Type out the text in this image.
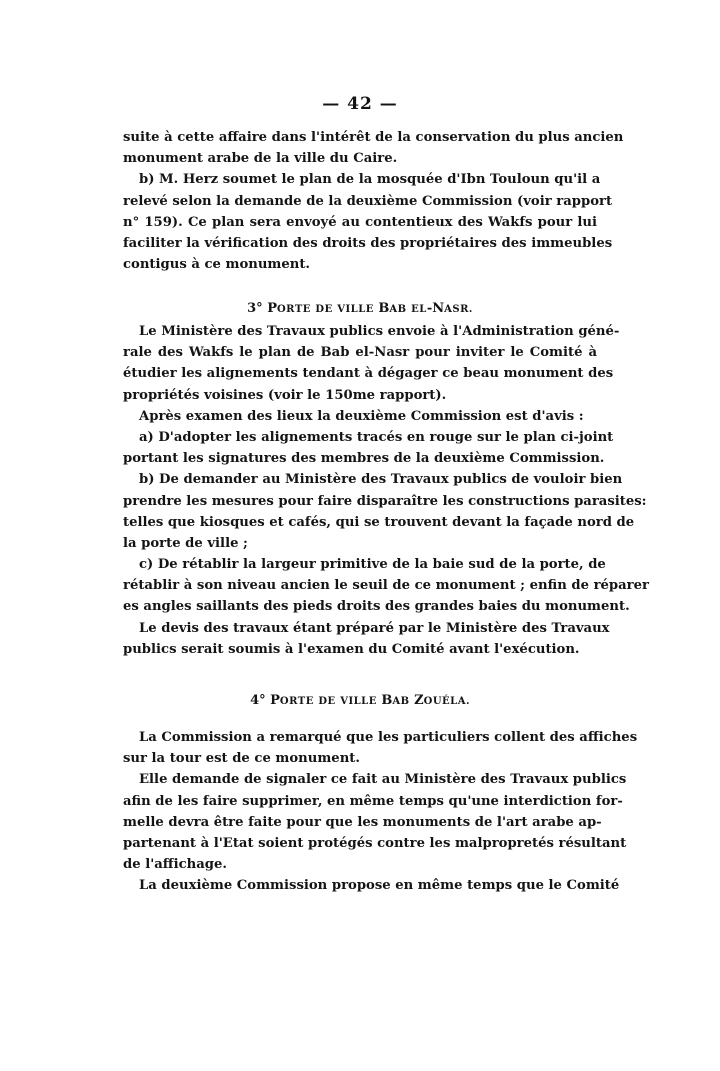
— 42 —
suite à cette affaire dans l'intérêt de la conservation du plus ancien
monument arabe de la ville du Caire.
b) M. Herz soumet le plan de la mosquée d'Ibn Touloun qu'il a
relevé selon la demande de la deuxième Commission (voir rapport
n° 159). Ce plan sera envoyé au contentieux des Wakfs pour lui
faciliter la vérification des droits des propriétaires des immeubles
contigus à ce monument.
3° PORTE DE VILLE BAB EL-NASR.
Le Ministère des Travaux publics envoie à l'Administration géné-
rale des Wakfs le plan de Bab el-Nasr pour inviter le Comité à
étudier les alignements tendant à dégager ce beau monument des
propriétés voisines (voir le 150me rapport).
Après examen des lieux la deuxième Commission est d'avis :
a) D'adopter les alignements tracés en rouge sur le plan ci-joint
portant les signatures des membres de la deuxième Commission.
b) De demander au Ministère des Travaux publics de vouloir bien
prendre les mesures pour faire disparaître les constructions parasites:
telles que kiosques et cafés, qui se trouvent devant la façade nord de
la porte de ville ;
c) De rétablir la largeur primitive de la baie sud de la porte, de
rétablir à son niveau ancien le seuil de ce monument ; enfin de réparer
es angles saillants des pieds droits des grandes baies du monument.
Le devis des travaux étant préparé par le Ministère des Travaux
publics serait soumis à l'examen du Comité avant l'exécution.
4° PORTE DE VILLE BAB ZOUÉLA.
La Commission a remarqué que les particuliers collent des affiches
sur la tour est de ce monument.
Elle demande de signaler ce fait au Ministère des Travaux publics
afin de les faire supprimer, en même temps qu'une interdiction for-
melle devra être faite pour que les monuments de l'art arabe ap-
partenant à l'Etat soient protégés contre les malpropretés résultant
de l'affichage.
La deuxième Commission propose en même temps que le Comité
